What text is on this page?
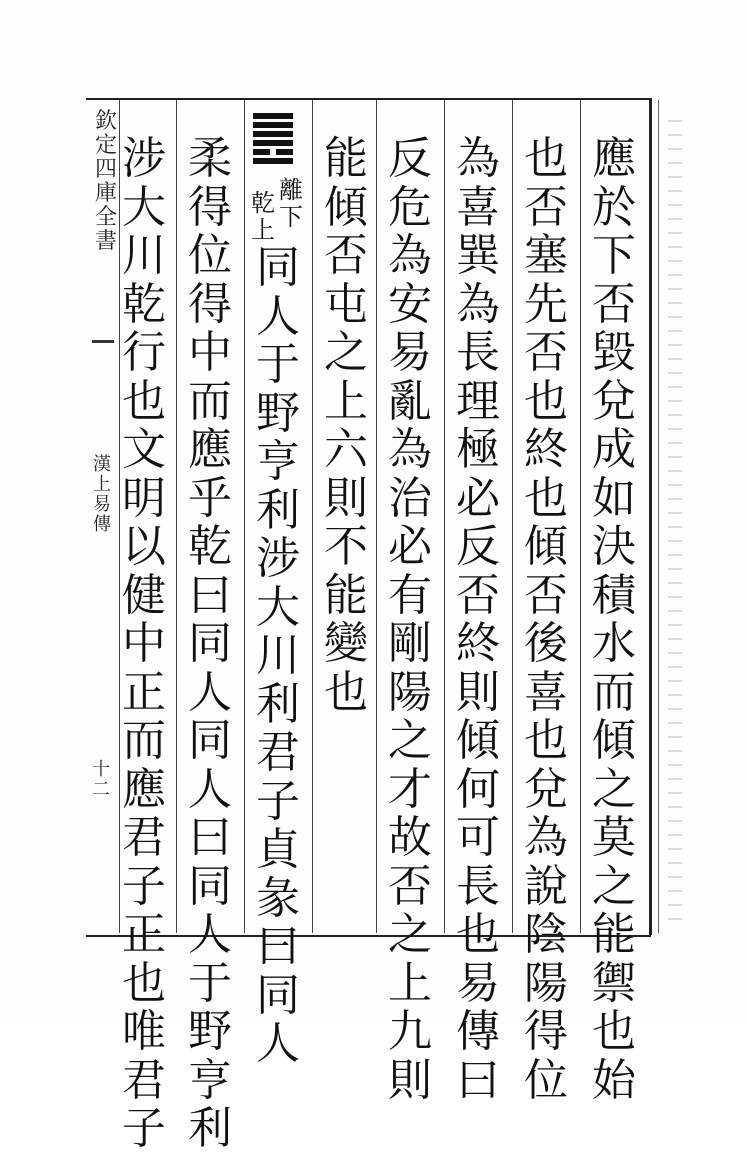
欽定四庫全書
漢上易傳
十二
應
於
下
否
毀
兌
成
如
決
積
水
而
傾
之
莫
之
能
禦
也
始
也
否
塞
先
否
也
終
也
傾
否
後
喜
也
兌
為
說
陰
陽
得
位
為
喜
巽
為
長
理
極
必
反
否
終
則
傾
何
可
長
也
易
傳
曰
反
危
為
安
易
亂
為
治
必
有
剛
陽
之
才
故
否
之
上
九
則
能
傾
否
屯
之
上
六
則
不
能
變
也
同
人
于
野
亨
利
涉
大
川
利
君
子
貞
彖
曰
同
人
柔
得
位
得
中
而
應
乎
乾
曰
同
人
同
人
曰
同
人
于
野
亨
利
涉
大
川
乾
行
也
文
明
以
健
中
正
而
應
君
子
正
也
唯
君
子
離
下
乾
上
